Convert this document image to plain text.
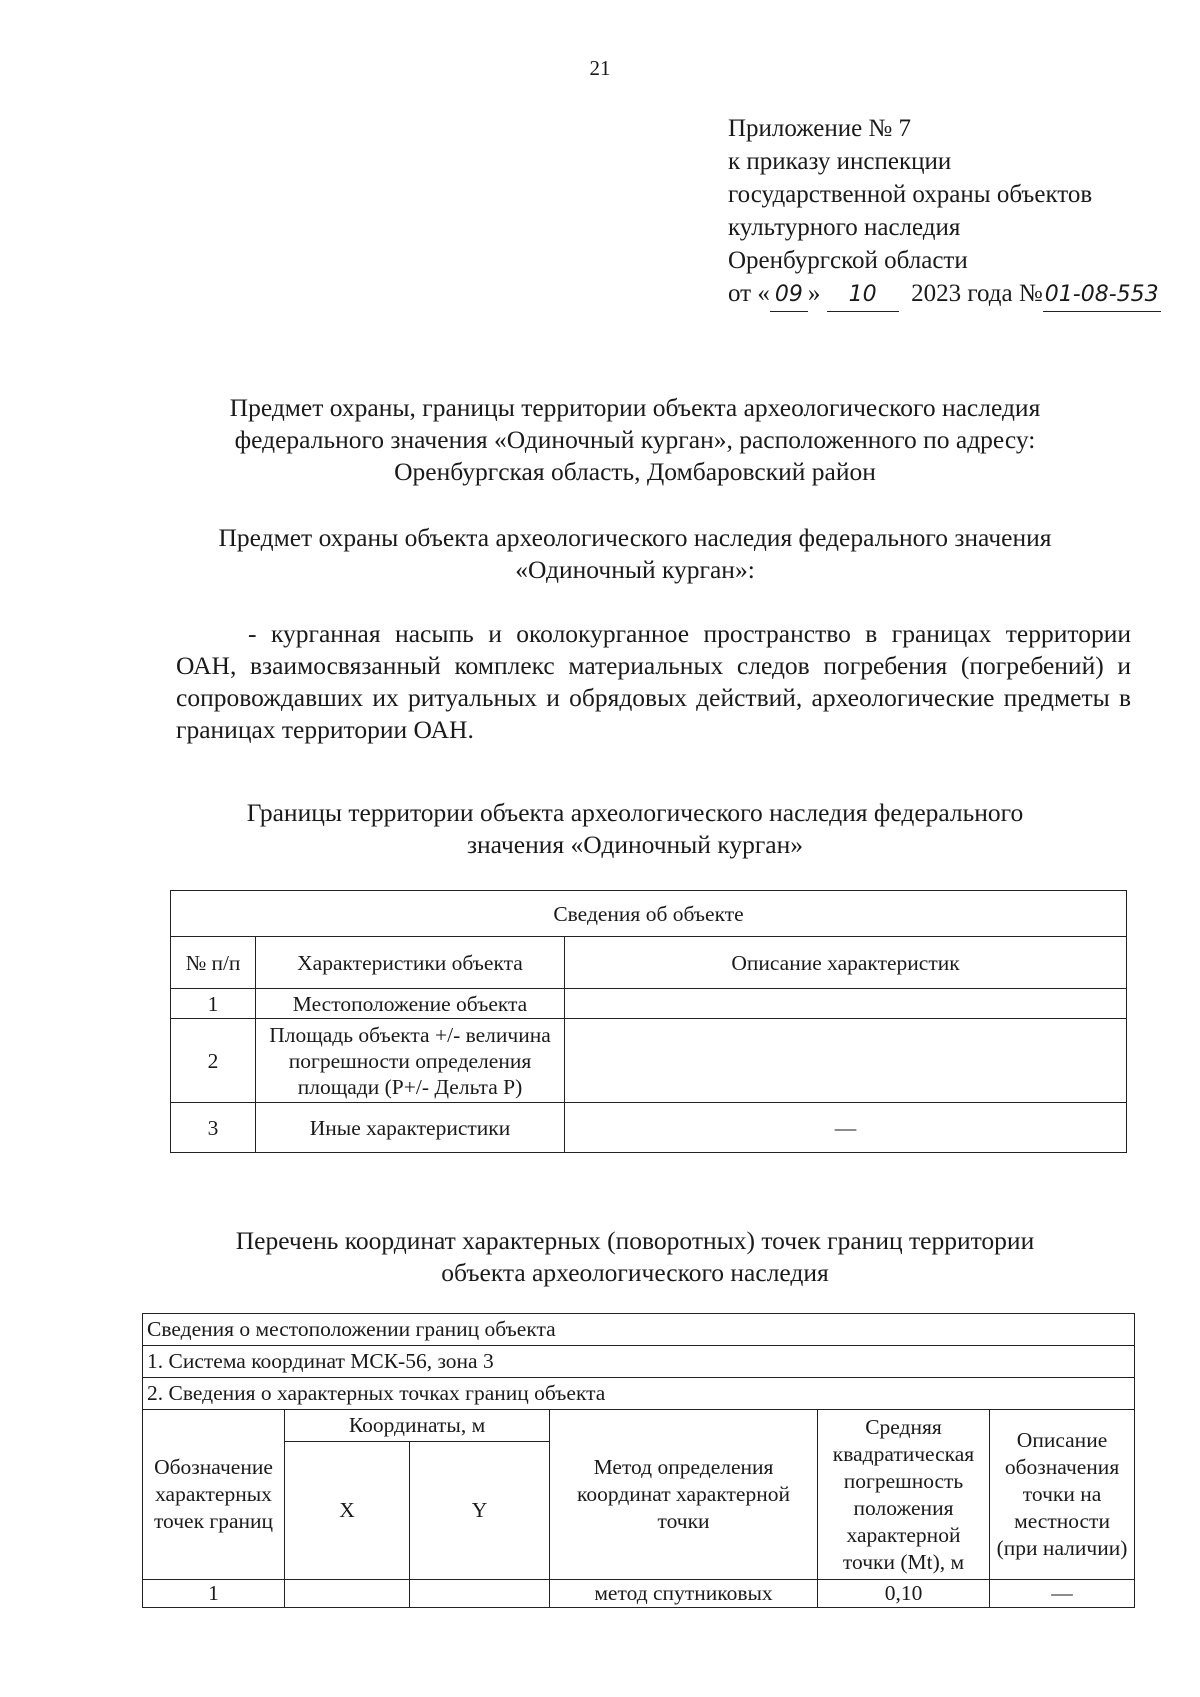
21
Приложение № 7
к приказу инспекции
государственной охраны объектов
культурного наследия
Оренбургской области
от « 09 » 10 2023 года №01-08-553
Предмет охраны, границы территории объекта археологического наследия
федерального значения «Одиночный курган», расположенного по адресу:
Оренбургская область, Домбаровский район
Предмет охраны объекта археологического наследия федерального значения
«Одиночный курган»:
- курганная насыпь и околокурганное пространство в границах территории ОАН, взаимосвязанный комплекс материальных следов погребения (погребений) и сопровождавших их ритуальных и обрядовых действий, археологические предметы в границах территории ОАН.
Границы территории объекта археологического наследия федерального
значения «Одиночный курган»
Сведения об объекте		
№ п/п	Характеристики объекта	Описание характеристик
1	Местоположение объекта	
2	Площадь объекта +/- величина погрешности определения площади (P+/- Дельта P)	
3	Иные характеристики	—
Перечень координат характерных (поворотных) точек границ территории
объекта археологического наследия
Сведения о местоположении границ объекта					
1. Система координат МСК-56, зона 3					
2. Сведения о характерных точках границ объекта					
Обозначение характерных точек границ	Координаты, м		Метод определения координат характерной точки	Средняя квадратическая погрешность положения характерной точки (Mt), м	Описание обозначения точки на местности (при наличии)
	X	Y			
1			метод спутниковых	0,10	—
